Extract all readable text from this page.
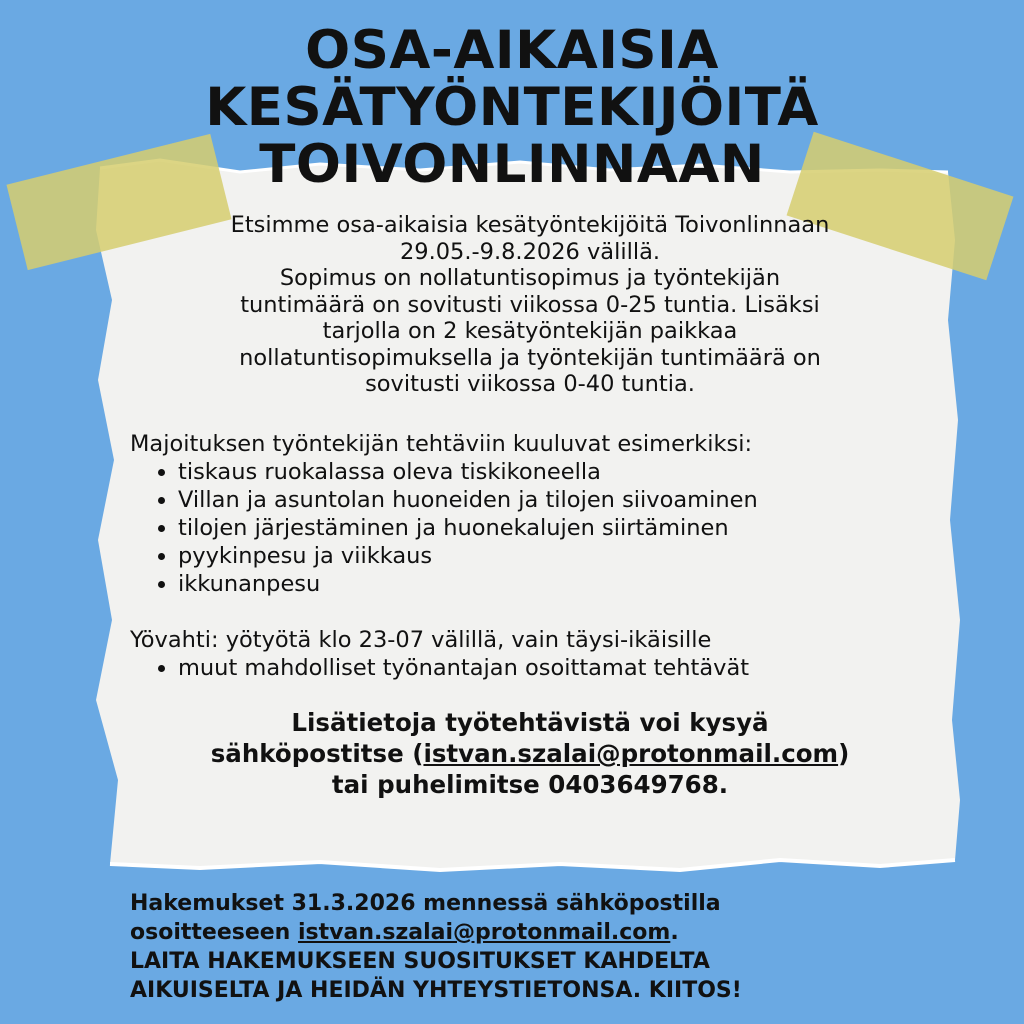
OSA-AIKAISIA
KESÄTYÖNTEKIJÖITÄ
TOIVONLINNAAN

Etsimme osa-aikaisia kesätyöntekijöitä Toivonlinnaan

29.05.-9.8.2026 välillä.

Sopimus on nollatuntisopimus ja työntekijän

tuntimäärä on sovitusti viikossa 0-25 tuntia. Lisäksi

tarjolla on 2 kesätyöntekijän paikkaa

nollatuntisopimuksella ja työntekijän tuntimäärä on

sovitusti viikossa 0-40 tuntia.

Majoituksen työntekijän tehtäviin kuuluvat esimerkiksi:

• tiskaus ruokalassa oleva tiskikoneella
• Villan ja asuntolan huoneiden ja tilojen siivoaminen
• tilojen järjestäminen ja huonekalujen siirtäminen
• pyykinpesu ja viikkaus
• ikkunanpesu

Yövahti: yötyötä klo 23-07 välillä, vain täysi-ikäisille

• muut mahdolliset työnantajan osoittamat tehtävät

Lisätietoja työtehtävistä voi kysyä

sähköpostitse (istvan.szalai@protonmail.com)

tai puhelimitse 0403649768.

Hakemukset 31.3.2026 mennessä sähköpostilla

osoitteeseen istvan.szalai@protonmail.com.

LAITA HAKEMUKSEEN SUOSITUKSET KAHDELTA

AIKUISELTA JA HEIDÄN YHTEYSTIETONSA. KIITOS!
